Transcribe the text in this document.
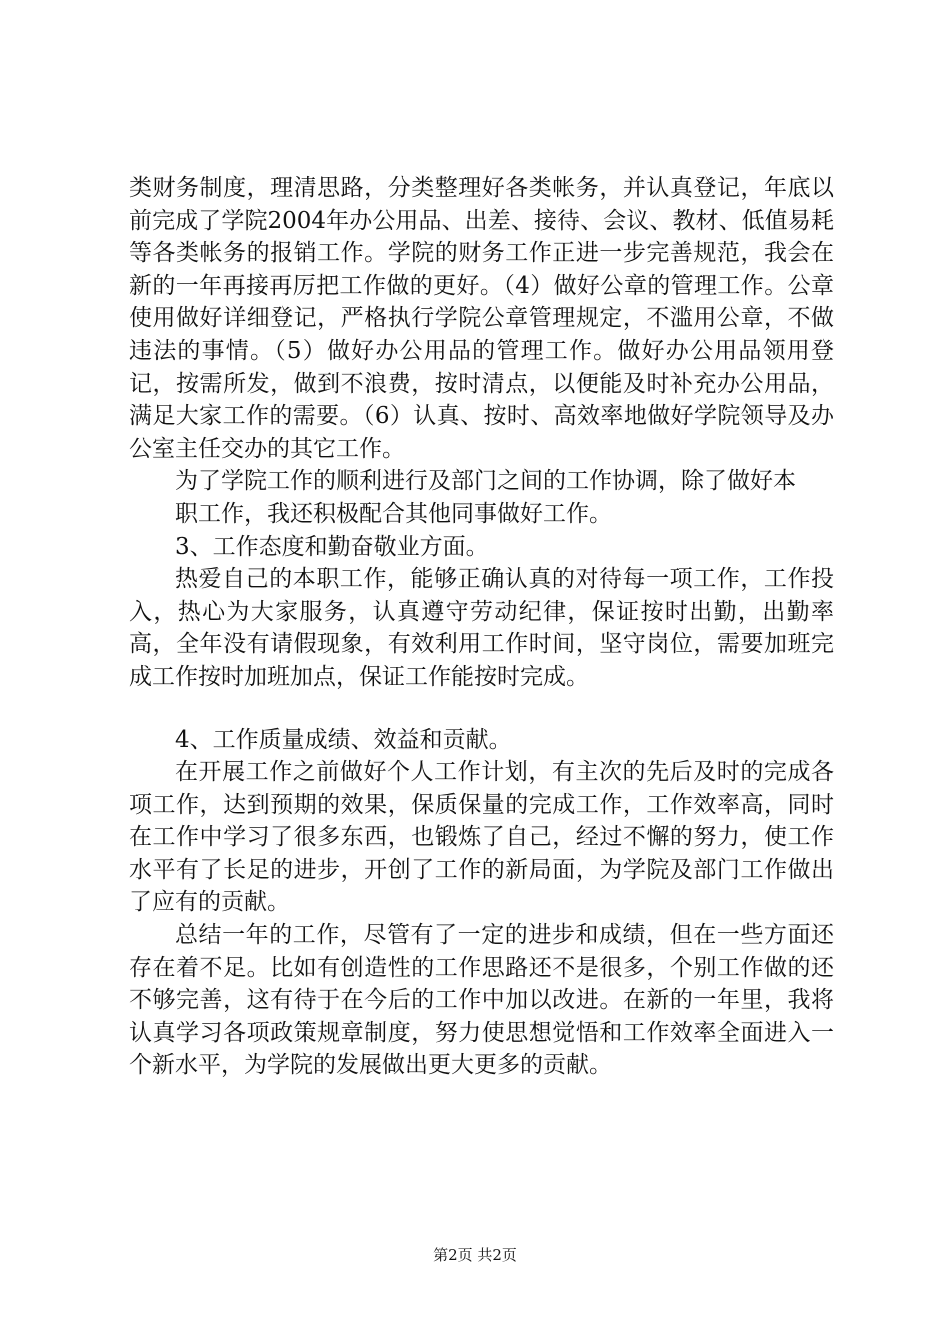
类财务制度，理清思路，分类整理好各类帐务，并认真登记，年底以前完成了学院2004年办公用品、出差、接待、会议、教材、低值易耗等各类帐务的报销工作。学院的财务工作正进一步完善规范，我会在新的一年再接再厉把工作做的更好。（4）做好公章的管理工作。公章使用做好详细登记，严格执行学院公章管理规定，不滥用公章，不做违法的事情。（5）做好办公用品的管理工作。做好办公用品领用登记，按需所发，做到不浪费，按时清点，以便能及时补充办公用品，满足大家工作的需要。（6）认真、按时、高效率地做好学院领导及办公室主任交办的其它工作。

为了学院工作的顺利进行及部门之间的工作协调，除了做好本

职工作，我还积极配合其他同事做好工作。

3、工作态度和勤奋敬业方面。

热爱自己的本职工作，能够正确认真的对待每一项工作，工作投入，热心为大家服务，认真遵守劳动纪律，保证按时出勤，出勤率高，全年没有请假现象，有效利用工作时间，坚守岗位，需要加班完成工作按时加班加点，保证工作能按时完成。

4、工作质量成绩、效益和贡献。

在开展工作之前做好个人工作计划，有主次的先后及时的完成各项工作，达到预期的效果，保质保量的完成工作，工作效率高，同时在工作中学习了很多东西，也锻炼了自己，经过不懈的努力，使工作水平有了长足的进步，开创了工作的新局面，为学院及部门工作做出了应有的贡献。

总结一年的工作，尽管有了一定的进步和成绩，但在一些方面还存在着不足。比如有创造性的工作思路还不是很多，个别工作做的还不够完善，这有待于在今后的工作中加以改进。在新的一年里，我将认真学习各项政策规章制度，努力使思想觉悟和工作效率全面进入一个新水平，为学院的发展做出更大更多的贡献。

第2页 共2页
